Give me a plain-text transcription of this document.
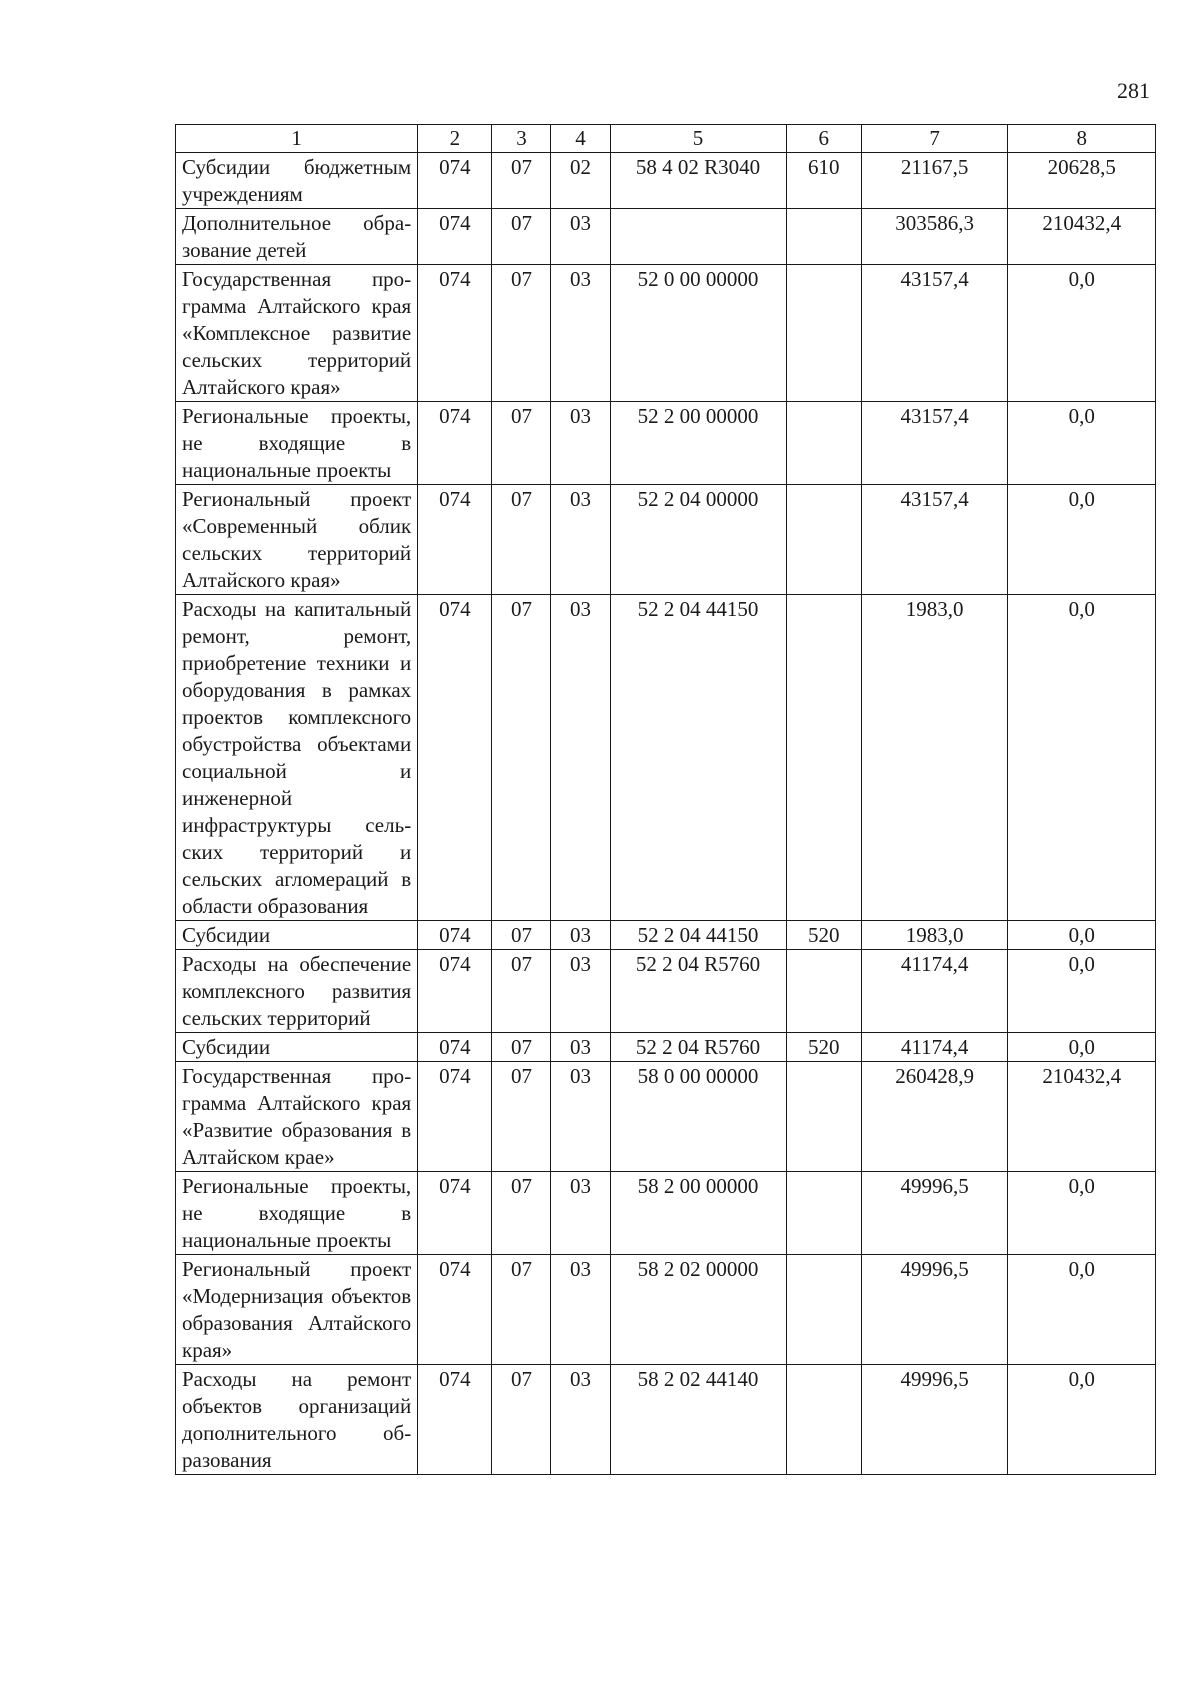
281
1	2	3	4	5	6	7	8
Субсидии бюджетным учреждениям	074	07	02	58 4 02 R3040	610	21167,5	20628,5
Дополнительное образование детей	074	07	03			303586,3	210432,4
Государственная программа Алтайского края «Комплексное развитие сельских территорий Алтайского края»	074	07	03	52 0 00 00000		43157,4	0,0
Региональные проекты, не входящие в национальные проекты	074	07	03	52 2 00 00000		43157,4	0,0
Региональный проект «Современный облик сельских территорий Алтайского края»	074	07	03	52 2 04 00000		43157,4	0,0
Расходы на капитальный ремонт, ремонт, приобретение техники и оборудования в рамках проектов комплексного обустройства объектами социальной и инженерной инфраструктуры сельских территорий и сельских агломераций в области образования	074	07	03	52 2 04 44150		1983,0	0,0
Субсидии	074	07	03	52 2 04 44150	520	1983,0	0,0
Расходы на обеспечение комплексного развития сельских территорий	074	07	03	52 2 04 R5760		41174,4	0,0
Субсидии	074	07	03	52 2 04 R5760	520	41174,4	0,0
Государственная программа Алтайского края «Развитие образования в Алтайском крае»	074	07	03	58 0 00 00000		260428,9	210432,4
Региональные проекты, не входящие в национальные проекты	074	07	03	58 2 00 00000		49996,5	0,0
Региональный проект «Модернизация объектов образования Алтайского края»	074	07	03	58 2 02 00000		49996,5	0,0
Расходы на ремонт объектов организаций дополнительного образования	074	07	03	58 2 02 44140		49996,5	0,0
